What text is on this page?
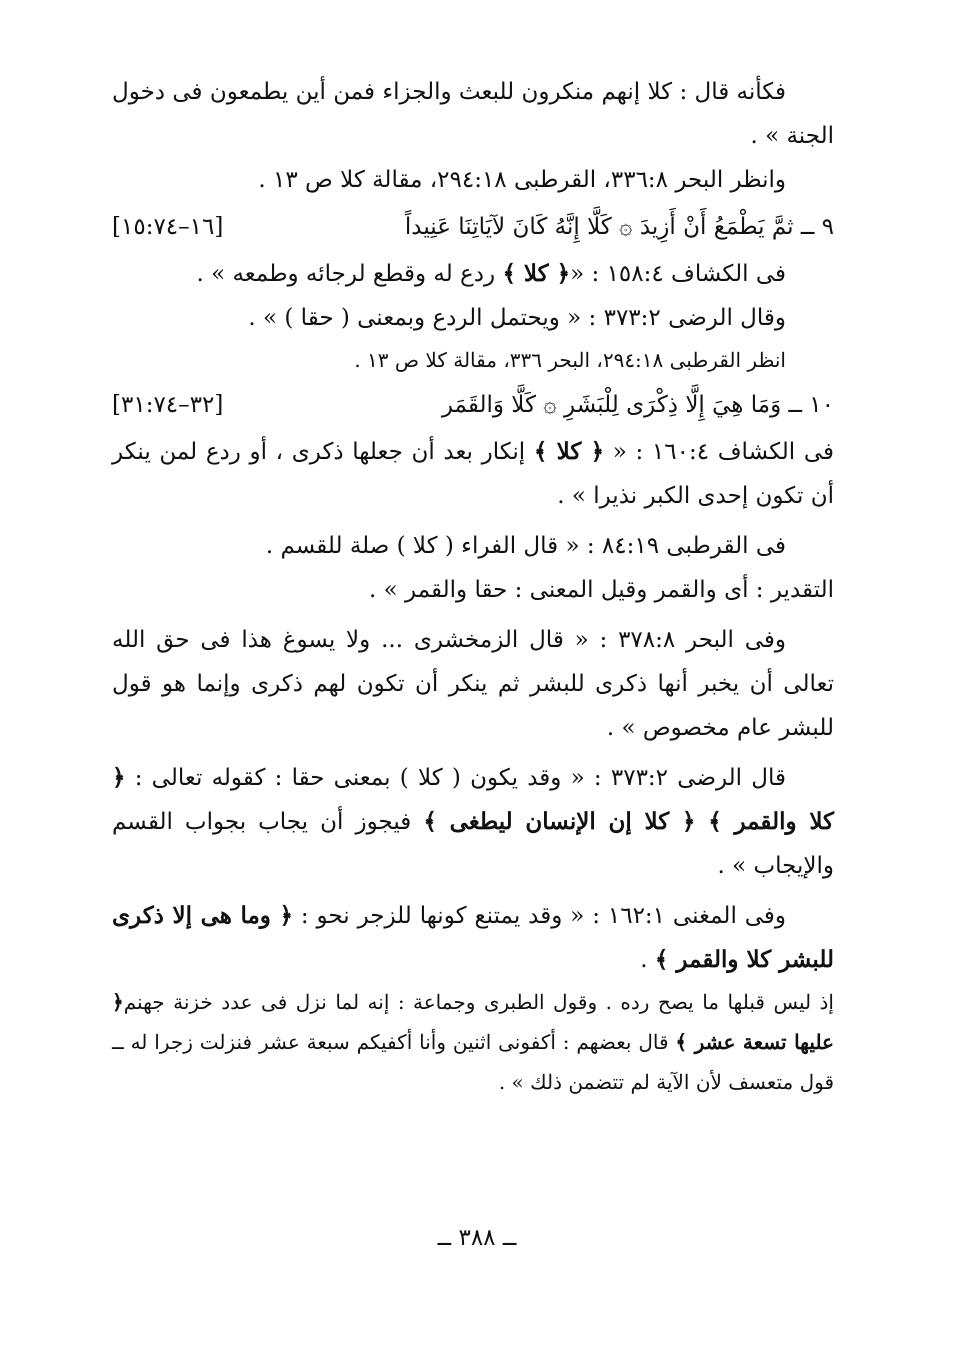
فكأنه قال : كلا إنهم منكرون للبعث والجزاء فمن أين يطمعون فى دخول الجنة » .

وانظر البحر ٣٣٦:٨، القرطبى ٢٩٤:١٨، مقالة كلا ص ١٣ .

٩ ــ ثمَّ يَطْمَعُ أَنْ أَزِيدَ ۞ كَلَّا إِنَّهُ كَانَ لآيَاتِنَا عَنِيداً
[١٦–١٥:٧٤]

فى الكشاف ١٥٨:٤ : «﴿ كلا ﴾ ردع له وقطع لرجائه وطمعه » .

وقال الرضى ٣٧٣:٢ : « ويحتمل الردع وبمعنى ( حقا ) » .

انظر القرطبى ٢٩٤:١٨، البحر ٣٣٦، مقالة كلا ص ١٣ .

١٠ ــ وَمَا هِيَ إِلَّا ذِكْرَى لِلْبَشَرِ ۞ كَلَّا وَالقَمَر
[٣٢–٣١:٧٤]

فى الكشاف ١٦٠:٤ : « ﴿ كلا ﴾ إنكار بعد أن جعلها ذكرى ، أو ردع لمن ينكر أن تكون إحدى الكبر نذيرا » .

فى القرطبى ٨٤:١٩ : « قال الفراء ( كلا ) صلة للقسم .

التقدير : أى والقمر وقيل المعنى : حقا والقمر » .

وفى البحر ٣٧٨:٨ : « قال الزمخشرى ... ولا يسوغ هذا فى حق الله تعالى أن يخبر أنها ذكرى للبشر ثم ينكر أن تكون لهم ذكرى وإنما هو قول للبشر عام مخصوص » .

قال الرضى ٣٧٣:٢ : « وقد يكون ( كلا ) بمعنى حقا : كقوله تعالى : ﴿ كلا والقمر ﴾ ﴿ كلا إن الإنسان ليطغى ﴾ فيجوز أن يجاب بجواب القسم والإيجاب » .

وفى المغنى ١٦٢:١ : « وقد يمتنع كونها للزجر نحو : ﴿ وما هى إلا ذكرى للبشر كلا والقمر ﴾ .

إذ ليس قبلها ما يصح رده . وقول الطبرى وجماعة : إنه لما نزل فى عدد خزنة جهنم﴿ عليها تسعة عشر ﴾ قال بعضهم : أكفونى اثنين وأنا أكفيكم سبعة عشر فنزلت زجرا له ــ قول متعسف لأن الآية لم تتضمن ذلك » .

ــ ٣٨٨ ــ
